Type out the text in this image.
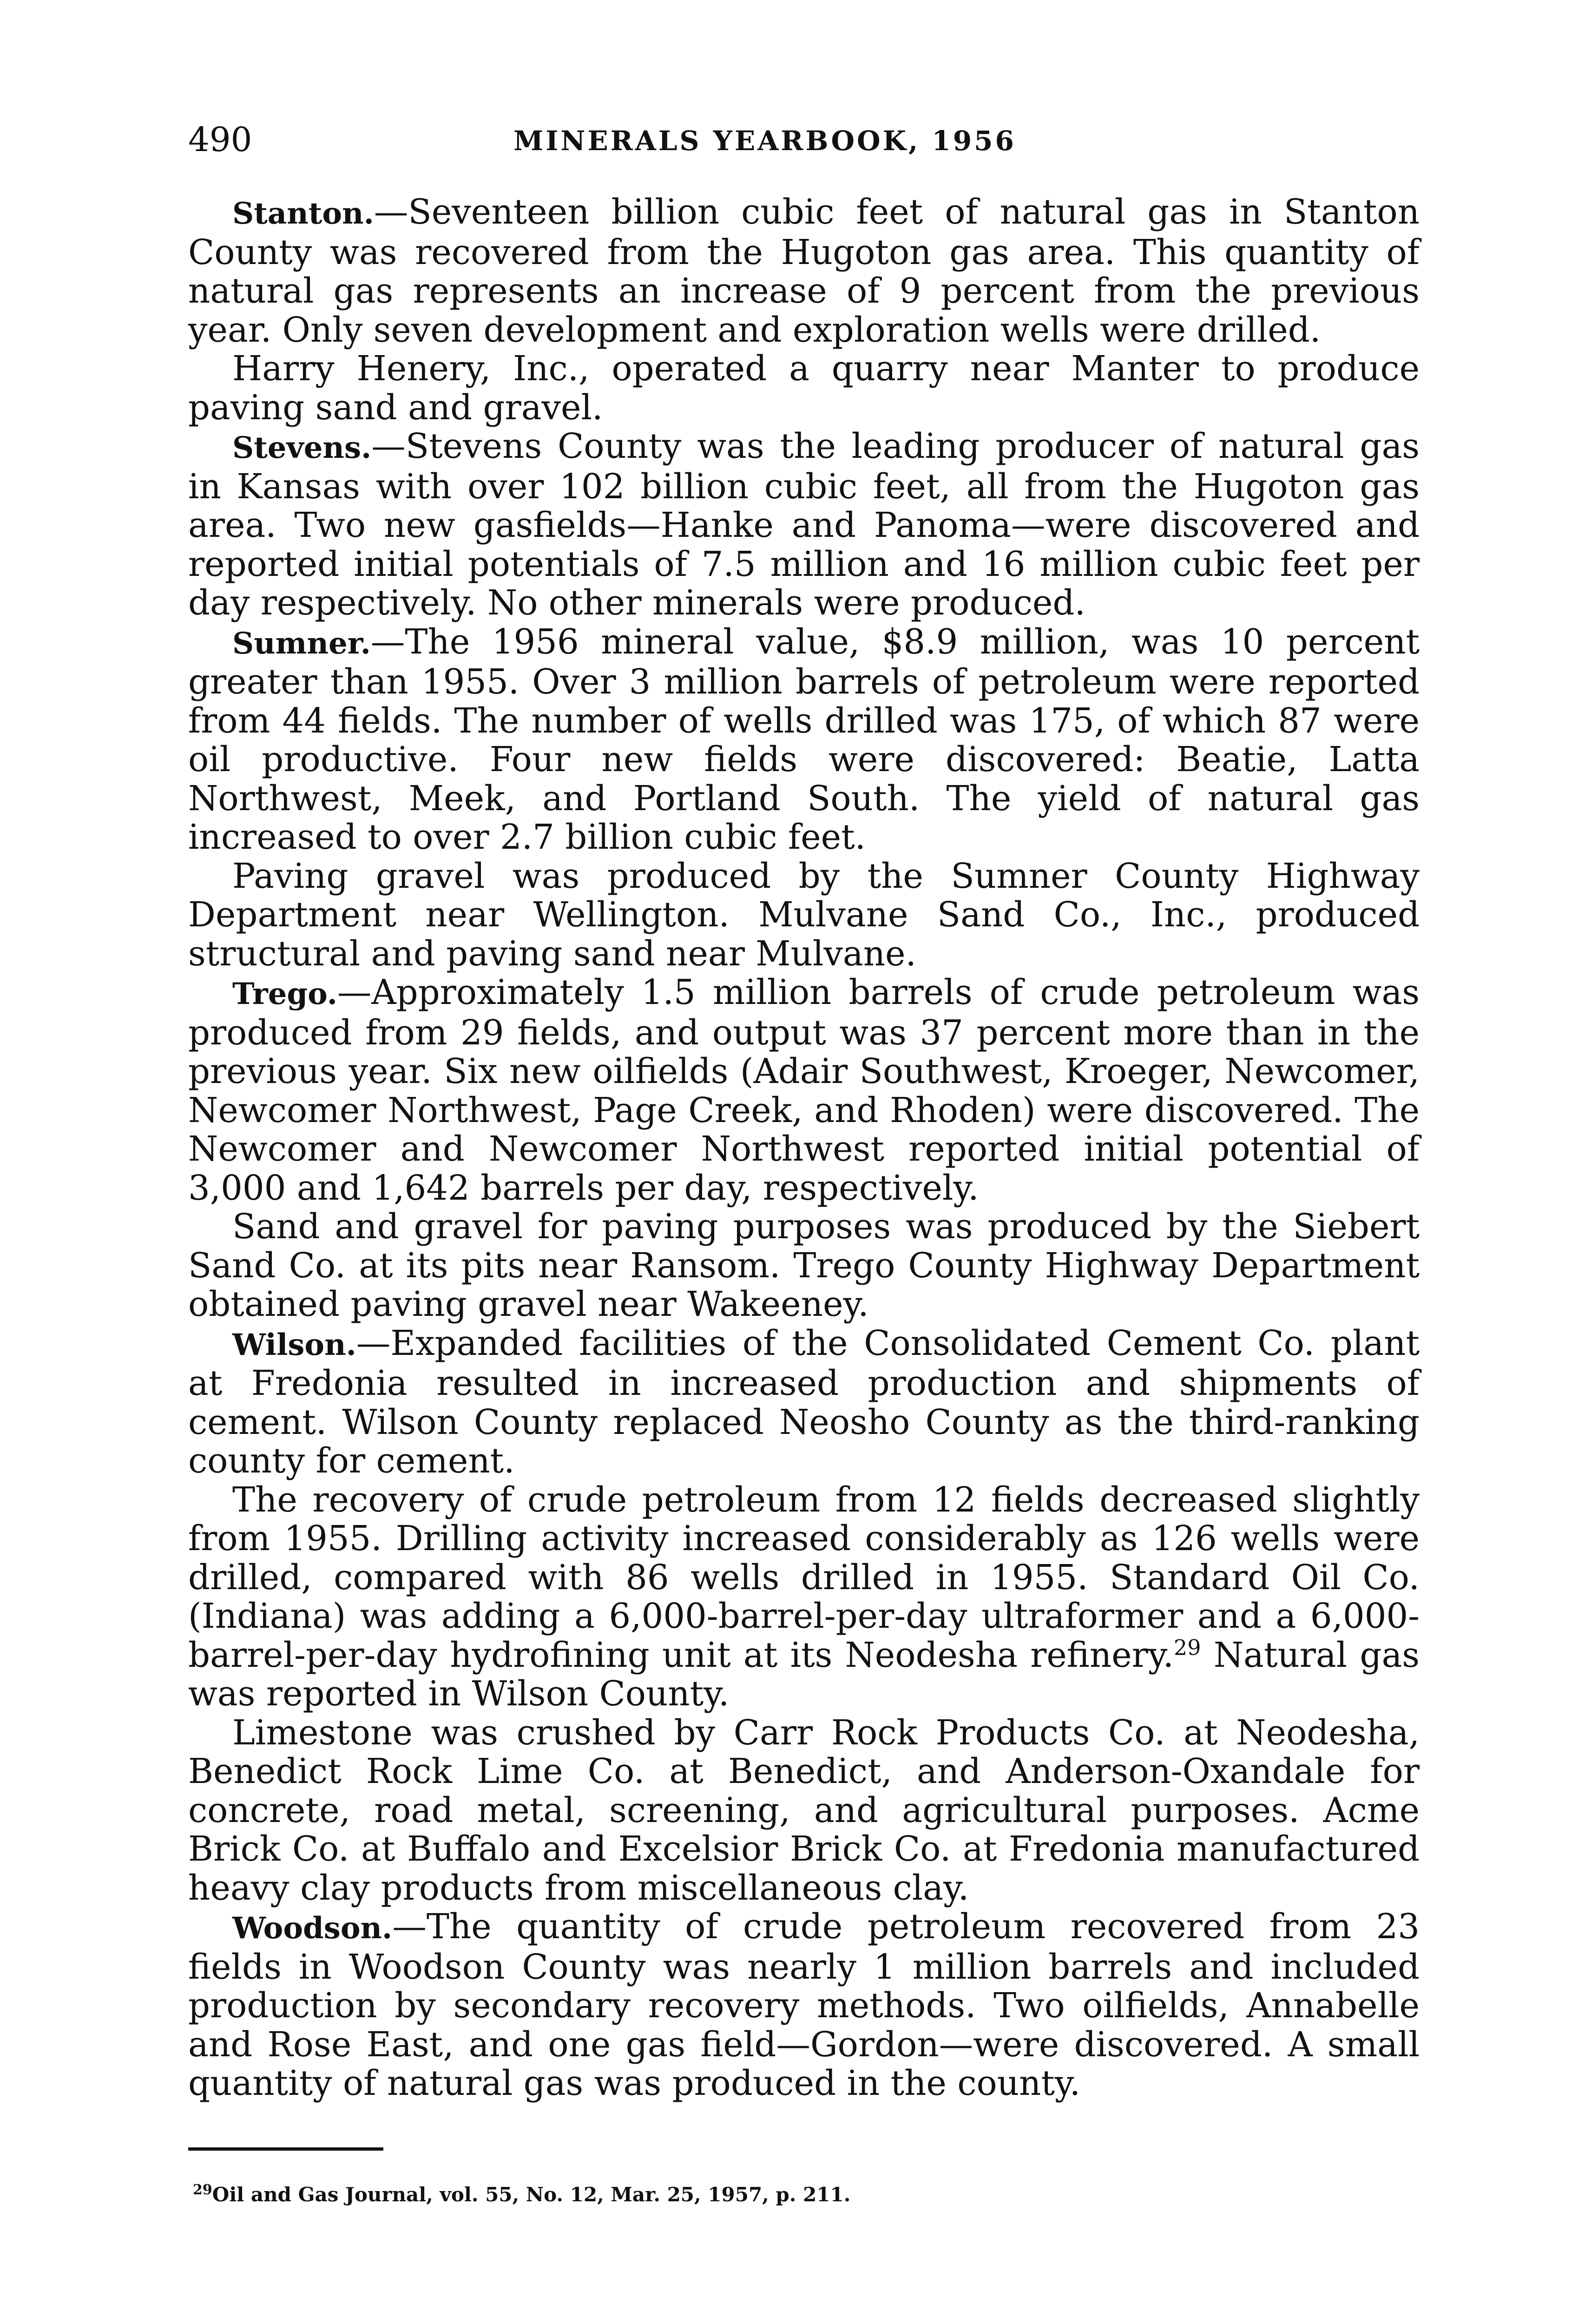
490	MINERALS YEARBOOK, 1956

Stanton.—Seventeen billion cubic feet of natural gas in Stanton County was recovered from the Hugoton gas area. This quantity of natural gas represents an increase of 9 percent from the previous year. Only seven development and exploration wells were drilled.

Harry Henery, Inc., operated a quarry near Manter to produce paving sand and gravel.

Stevens.—Stevens County was the leading producer of natural gas in Kansas with over 102 billion cubic feet, all from the Hugoton gas area. Two new gasfields—Hanke and Panoma—were discovered and reported initial potentials of 7.5 million and 16 million cubic feet per day respectively. No other minerals were produced.

Sumner.—The 1956 mineral value, $8.9 million, was 10 percent greater than 1955. Over 3 million barrels of petroleum were reported from 44 fields. The number of wells drilled was 175, of which 87 were oil productive. Four new fields were discovered: Beatie, Latta Northwest, Meek, and Portland South. The yield of natural gas increased to over 2.7 billion cubic feet.

Paving gravel was produced by the Sumner County Highway Department near Wellington. Mulvane Sand Co., Inc., produced structural and paving sand near Mulvane.

Trego.—Approximately 1.5 million barrels of crude petroleum was produced from 29 fields, and output was 37 percent more than in the previous year. Six new oilfields (Adair Southwest, Kroeger, Newcomer, Newcomer Northwest, Page Creek, and Rhoden) were discovered. The Newcomer and Newcomer Northwest reported initial potential of 3,000 and 1,642 barrels per day, respectively.

Sand and gravel for paving purposes was produced by the Siebert Sand Co. at its pits near Ransom. Trego County Highway Department obtained paving gravel near Wakeeney.

Wilson.—Expanded facilities of the Consolidated Cement Co. plant at Fredonia resulted in increased production and shipments of cement. Wilson County replaced Neosho County as the third-ranking county for cement.

The recovery of crude petroleum from 12 fields decreased slightly from 1955. Drilling activity increased considerably as 126 wells were drilled, compared with 86 wells drilled in 1955. Standard Oil Co. (Indiana) was adding a 6,000-barrel-per-day ultraformer and a 6,000-barrel-per-day hydrofining unit at its Neodesha refinery.$^{29}$ Natural gas was reported in Wilson County.

Limestone was crushed by Carr Rock Products Co. at Neodesha, Benedict Rock Lime Co. at Benedict, and Anderson-Oxandale for concrete, road metal, screening, and agricultural purposes. Acme Brick Co. at Buffalo and Excelsior Brick Co. at Fredonia manufactured heavy clay products from miscellaneous clay.

Woodson.—The quantity of crude petroleum recovered from 23 fields in Woodson County was nearly 1 million barrels and included production by secondary recovery methods. Two oilfields, Annabelle and Rose East, and one gas field—Gordon—were discovered. A small quantity of natural gas was produced in the county.

$^{29}$Oil and Gas Journal, vol. 55, No. 12, Mar. 25, 1957, p. 211.
